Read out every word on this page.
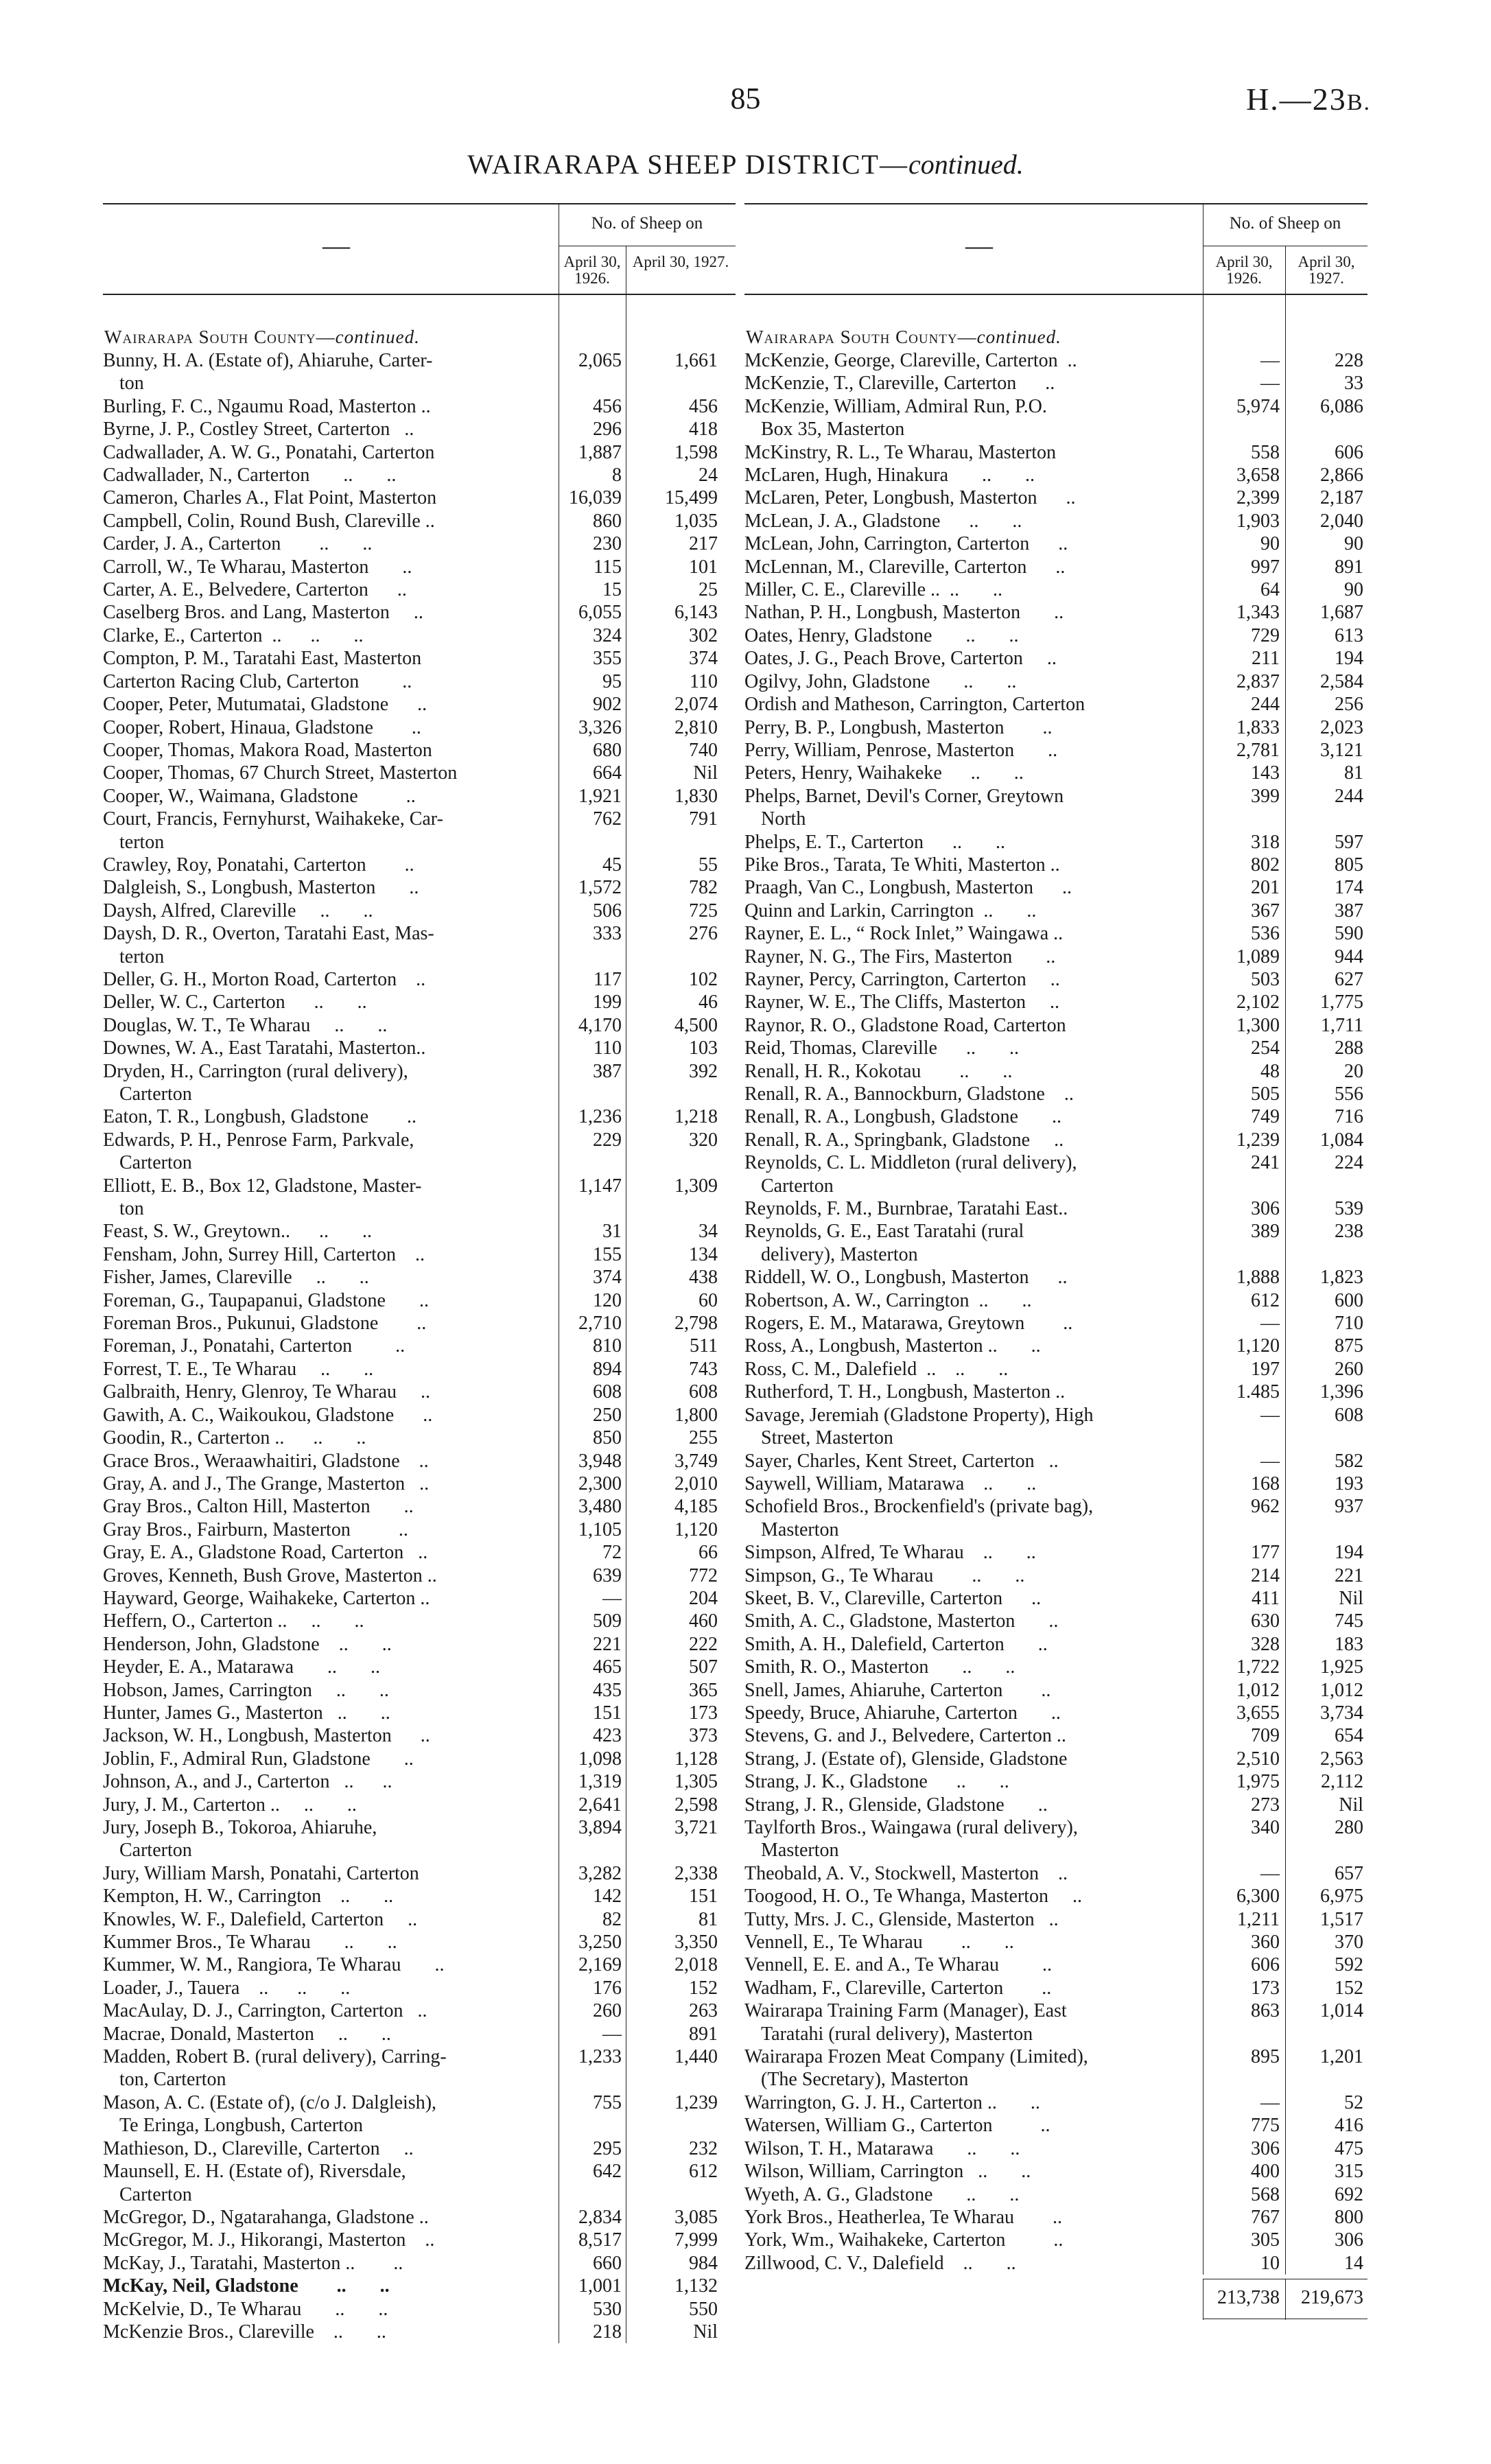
85	H.—23B.
WAIRARAPA SHEEP DISTRICT—continued.
—
No. of Sheep on
April 30, 1926.
April 30, 1927.
Wairarapa South County—continued.
Bunny, H. A. (Estate of), Ahiaruhe, Carter-	2,065	1,661
ton
Burling, F. C., Ngaumu Road, Masterton ..	456	456
Byrne, J. P., Costley Street, Carterton   ..	296	418
Cadwallader, A. W. G., Ponatahi, Carterton	1,887	1,598
Cadwallader, N., Carterton       ..       ..	8	24
Cameron, Charles A., Flat Point, Masterton	16,039 15,499
Campbell, Colin, Round Bush, Clareville ..	860	1,035
Carder, J. A., Carterton        ..       ..	230	217
Carroll, W., Te Wharau, Masterton       ..	115	101
Carter, A. E., Belvedere, Carterton      ..	15	25
Caselberg Bros. and Lang, Masterton     ..	6,055	6,143
Clarke, E., Carterton  ..      ..       ..	324	302
Compton, P. M., Taratahi East, Masterton	355	374
Carterton Racing Club, Carterton         ..	95	110
Cooper, Peter, Mutumatai, Gladstone      ..	902	2,074
Cooper, Robert, Hinaua, Gladstone        ..	3,326	2,810
Cooper, Thomas, Makora Road, Masterton	680	740
Cooper, Thomas, 67 Church Street, Masterton	664	Nil
Cooper, W., Waimana, Gladstone          ..	1,921	1,830
Court, Francis, Fernyhurst, Waihakeke, Car-	762	791
terton
Crawley, Roy, Ponatahi, Carterton        ..	45	55
Dalgleish, S., Longbush, Masterton       ..	1,572	782
Daysh, Alfred, Clareville     ..       ..	506	725
Daysh, D. R., Overton, Taratahi East, Mas-	333	276
terton
Deller, G. H., Morton Road, Carterton    ..	117	102
Deller, W. C., Carterton      ..       ..	199	46
Douglas, W. T., Te Wharau     ..       ..	4,170	4,500
Downes, W. A., East Taratahi, Masterton..	110	103
Dryden, H., Carrington (rural delivery),	387	392
Carterton
Eaton, T. R., Longbush, Gladstone        ..	1,236	1,218
Edwards, P. H., Penrose Farm, Parkvale,	229	320
Carterton
Elliott, E. B., Box 12, Gladstone, Master-	1,147	1,309
ton
Feast, S. W., Greytown..      ..       ..	31	34
Fensham, John, Surrey Hill, Carterton    ..	155	134
Fisher, James, Clareville     ..       ..	374	438
Foreman, G., Taupapanui, Gladstone       ..	120	60
Foreman Bros., Pukunui, Gladstone        ..	2,710	2,798
Foreman, J., Ponatahi, Carterton         ..	810	511
Forrest, T. E., Te Wharau     ..       ..	894	743
Galbraith, Henry, Glenroy, Te Wharau     ..	608	608
Gawith, A. C., Waikoukou, Gladstone      ..	250	1,800
Goodin, R., Carterton ..      ..       ..	850	255
Grace Bros., Weraawhaitiri, Gladstone    ..	3,948	3,749
Gray, A. and J., The Grange, Masterton   ..	2,300	2,010
Gray Bros., Calton Hill, Masterton       ..	3,480	4,185
Gray Bros., Fairburn, Masterton          ..	1,105	1,120
Gray, E. A., Gladstone Road, Carterton   ..	72	66
Groves, Kenneth, Bush Grove, Masterton ..	639	772
Hayward, George, Waihakeke, Carterton ..	—	204
Heffern, O., Carterton ..     ..       ..	509	460
Henderson, John, Gladstone    ..       ..	221	222
Heyder, E. A., Matarawa       ..       ..	465	507
Hobson, James, Carrington     ..       ..	435	365
Hunter, James G., Masterton   ..       ..	151	173
Jackson, W. H., Longbush, Masterton      ..	423	373
Joblin, F., Admiral Run, Gladstone       ..	1,098	1,128
Johnson, A., and J., Carterton   ..      ..	1,319	1,305
Jury, J. M., Carterton ..     ..       ..	2,641	2,598
Jury, Joseph B., Tokoroa, Ahiaruhe,	3,894	3,721
Carterton
Jury, William Marsh, Ponatahi, Carterton	3,282	2,338
Kempton, H. W., Carrington    ..       ..	142	151
Knowles, W. F., Dalefield, Carterton     ..	82	81
Kummer Bros., Te Wharau       ..       ..	3,250	3,350
Kummer, W. M., Rangiora, Te Wharau       ..	2,169	2,018
Loader, J., Tauera    ..      ..       ..	176	152
MacAulay, D. J., Carrington, Carterton   ..	260	263
Macrae, Donald, Masterton     ..       ..	—	891
Madden, Robert B. (rural delivery), Carring-	1,233	1,440
ton, Carterton
Mason, A. C. (Estate of), (c/o J. Dalgleish),	755	1,239
Te Eringa, Longbush, Carterton
Mathieson, D., Clareville, Carterton     ..	295	232
Maunsell, E. H. (Estate of), Riversdale,	642	612
Carterton
McGregor, D., Ngatarahanga, Gladstone ..	2,834	3,085
McGregor, M. J., Hikorangi, Masterton    ..	8,517	7,999
McKay, J., Taratahi, Masterton ..        ..	660	984
McKay, Neil, Gladstone        ..       ..	1,001	1,132
McKelvie, D., Te Wharau       ..       ..	530	550
McKenzie Bros., Clareville    ..       ..	218	Nil
—
No. of Sheep on
April 30, 1926.
April 30, 1927.
Wairarapa South County—continued.
McKenzie, George, Clareville, Carterton  ..	—	228
McKenzie, T., Clareville, Carterton      ..	—	33
McKenzie, William, Admiral Run, P.O.	5,974 6,086
Box 35, Masterton
McKinstry, R. L., Te Wharau, Masterton	558	606
McLaren, Hugh, Hinakura       ..       ..	3,658 2,866
McLaren, Peter, Longbush, Masterton      ..	2,399 2,187
McLean, J. A., Gladstone      ..       ..	1,903 2,040
McLean, John, Carrington, Carterton      ..	90	90
McLennan, M., Clareville, Carterton      ..	997	891
Miller, C. E., Clareville ..  ..       ..	64	90
Nathan, P. H., Longbush, Masterton       ..	1,343 1,687
Oates, Henry, Gladstone       ..       ..	729	613
Oates, J. G., Peach Brove, Carterton     ..	211	194
Ogilvy, John, Gladstone       ..       ..	2,837 2,584
Ordish and Matheson, Carrington, Carterton	244	256
Perry, B. P., Longbush, Masterton        ..	1,833 2,023
Perry, William, Penrose, Masterton       ..	2,781 3,121
Peters, Henry, Waihakeke      ..       ..	143	81
Phelps, Barnet, Devil's Corner, Greytown	399	244
North
Phelps, E. T., Carterton      ..       ..	318	597
Pike Bros., Tarata, Te Whiti, Masterton ..	802	805
Praagh, Van C., Longbush, Masterton      ..	201	174
Quinn and Larkin, Carrington  ..       ..	367	387
Rayner, E. L., “ Rock Inlet,” Waingawa ..	536	590
Rayner, N. G., The Firs, Masterton       ..	1,089	944
Rayner, Percy, Carrington, Carterton     ..	503	627
Rayner, W. E., The Cliffs, Masterton     ..	2,102 1,775
Raynor, R. O., Gladstone Road, Carterton	1,300 1,711
Reid, Thomas, Clareville      ..       ..	254	288
Renall, H. R., Kokotau        ..       ..	48	20
Renall, R. A., Bannockburn, Gladstone    ..	505	556
Renall, R. A., Longbush, Gladstone       ..	749	716
Renall, R. A., Springbank, Gladstone     ..	1,239 1,084
Reynolds, C. L. Middleton (rural delivery),	241	224
Carterton
Reynolds, F. M., Burnbrae, Taratahi East..	306	539
Reynolds, G. E., East Taratahi (rural	389	238
delivery), Masterton
Riddell, W. O., Longbush, Masterton      ..	1,888 1,823
Robertson, A. W., Carrington  ..       ..	612	600
Rogers, E. M., Matarawa, Greytown        ..	—	710
Ross, A., Longbush, Masterton ..       ..	1,120	875
Ross, C. M., Dalefield  ..    ..       ..	197	260
Rutherford, T. H., Longbush, Masterton ..	1.485 1,396
Savage, Jeremiah (Gladstone Property), High	—	608
Street, Masterton
Sayer, Charles, Kent Street, Carterton   ..	—	582
Saywell, William, Matarawa    ..       ..	168	193
Schofield Bros., Brockenfield's (private bag),	962	937
Masterton
Simpson, Alfred, Te Wharau    ..       ..	177	194
Simpson, G., Te Wharau        ..       ..	214	221
Skeet, B. V., Clareville, Carterton      ..	411	Nil
Smith, A. C., Gladstone, Masterton       ..	630	745
Smith, A. H., Dalefield, Carterton       ..	328	183
Smith, R. O., Masterton       ..       ..	1,722 1,925
Snell, James, Ahiaruhe, Carterton        ..	1,012 1,012
Speedy, Bruce, Ahiaruhe, Carterton       ..	3,655 3,734
Stevens, G. and J., Belvedere, Carterton ..	709	654
Strang, J. (Estate of), Glenside, Gladstone	2,510 2,563
Strang, J. K., Gladstone      ..       ..	1,975 2,112
Strang, J. R., Glenside, Gladstone       ..	273	Nil
Taylforth Bros., Waingawa (rural delivery),	340	280
Masterton
Theobald, A. V., Stockwell, Masterton    ..	—	657
Toogood, H. O., Te Whanga, Masterton     ..	6,300 6,975
Tutty, Mrs. J. C., Glenside, Masterton   ..	1,211 1,517
Vennell, E., Te Wharau        ..       ..	360	370
Vennell, E. E. and A., Te Wharau         ..	606	592
Wadham, F., Clareville, Carterton        ..	173	152
Wairarapa Training Farm (Manager), East	863 1,014
Taratahi (rural delivery), Masterton
Wairarapa Frozen Meat Company (Limited),	895 1,201
(The Secretary), Masterton
Warrington, G. J. H., Carterton ..       ..	—	52
Watersen, William G., Carterton          ..	775	416
Wilson, T. H., Matarawa       ..       ..	306	475
Wilson, William, Carrington   ..       ..	400	315
Wyeth, A. G., Gladstone       ..       ..	568	692
York Bros., Heatherlea, Te Wharau        ..	767	800
York, Wm., Waihakeke, Carterton          ..	305	306
Zillwood, C. V., Dalefield    ..       ..	10	14
213,738 219,673
